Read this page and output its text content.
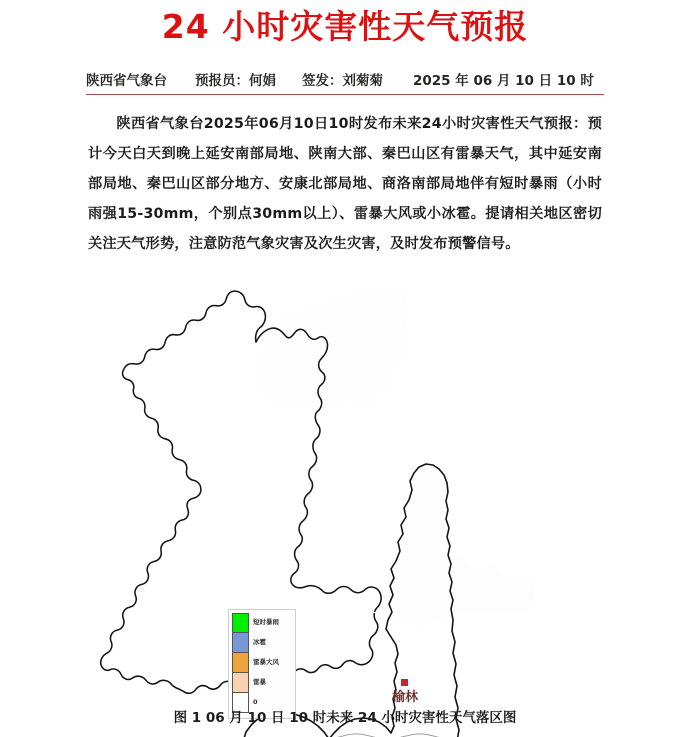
24 小时灾害性天气预报
陕西省气象台 预报员：何娟 签发：刘菊菊 2025 年 06 月 10 日 10 时

陕西省气象台2025年06月10日10时发布未来24小时灾害性天气预报：预计今天白天到晚上延安南部局地、陕南大部、秦巴山区有雷暴天气，其中延安南部局地、秦巴山区部分地方、安康北部局地、商洛南部局地伴有短时暴雨（小时雨强15-30mm，个别点30mm以上）、雷暴大风或小冰雹。提请相关地区密切关注天气形势，注意防范气象灾害及次生灾害，及时发布预警信号。

榆林
短时暴雨
冰雹
雷暴大风
雷暴
0
图 1 06 月 10 日 10 时未来 24 小时灾害性天气落区图
